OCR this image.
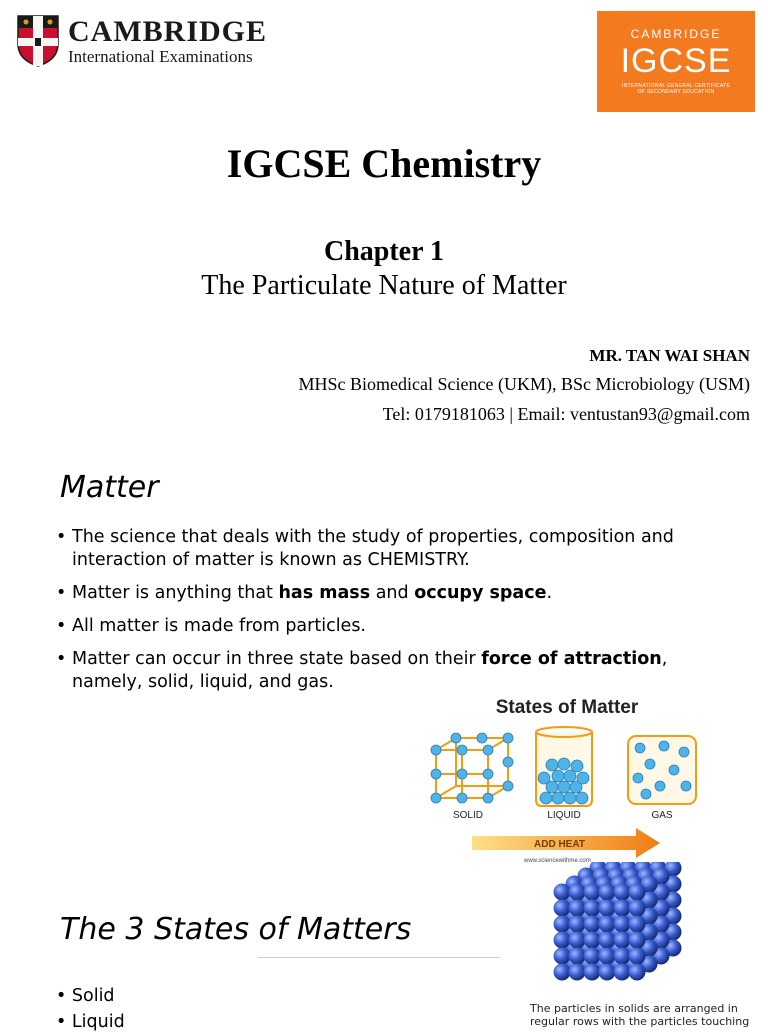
CAMBRIDGE
International Examinations
CAMBRIDGE
IGCSE
INTERNATIONAL GENERAL CERTIFICATE
OF SECONDARY EDUCATION
IGCSE Chemistry
Chapter 1
The Particulate Nature of Matter
MR. TAN WAI SHAN
MHSc Biomedical Science (UKM), BSc Microbiology (USM)
Tel: 0179181063 | Email: ventustan93@gmail.com
Matter
• The science that deals with the study of properties, composition and interaction of matter is known as CHEMISTRY.
• Matter is anything that has mass and occupy space.
• All matter is made from particles.
• Matter can occur in three state based on their force of attraction, namely, solid, liquid, and gas.
States of Matter
SOLID	LIQUID	GAS
ADD HEAT
www.sciencewithme.com
The 3 States of Matters
• Solid
• Liquid
The particles in solids are arranged in regular rows with the particles touching
